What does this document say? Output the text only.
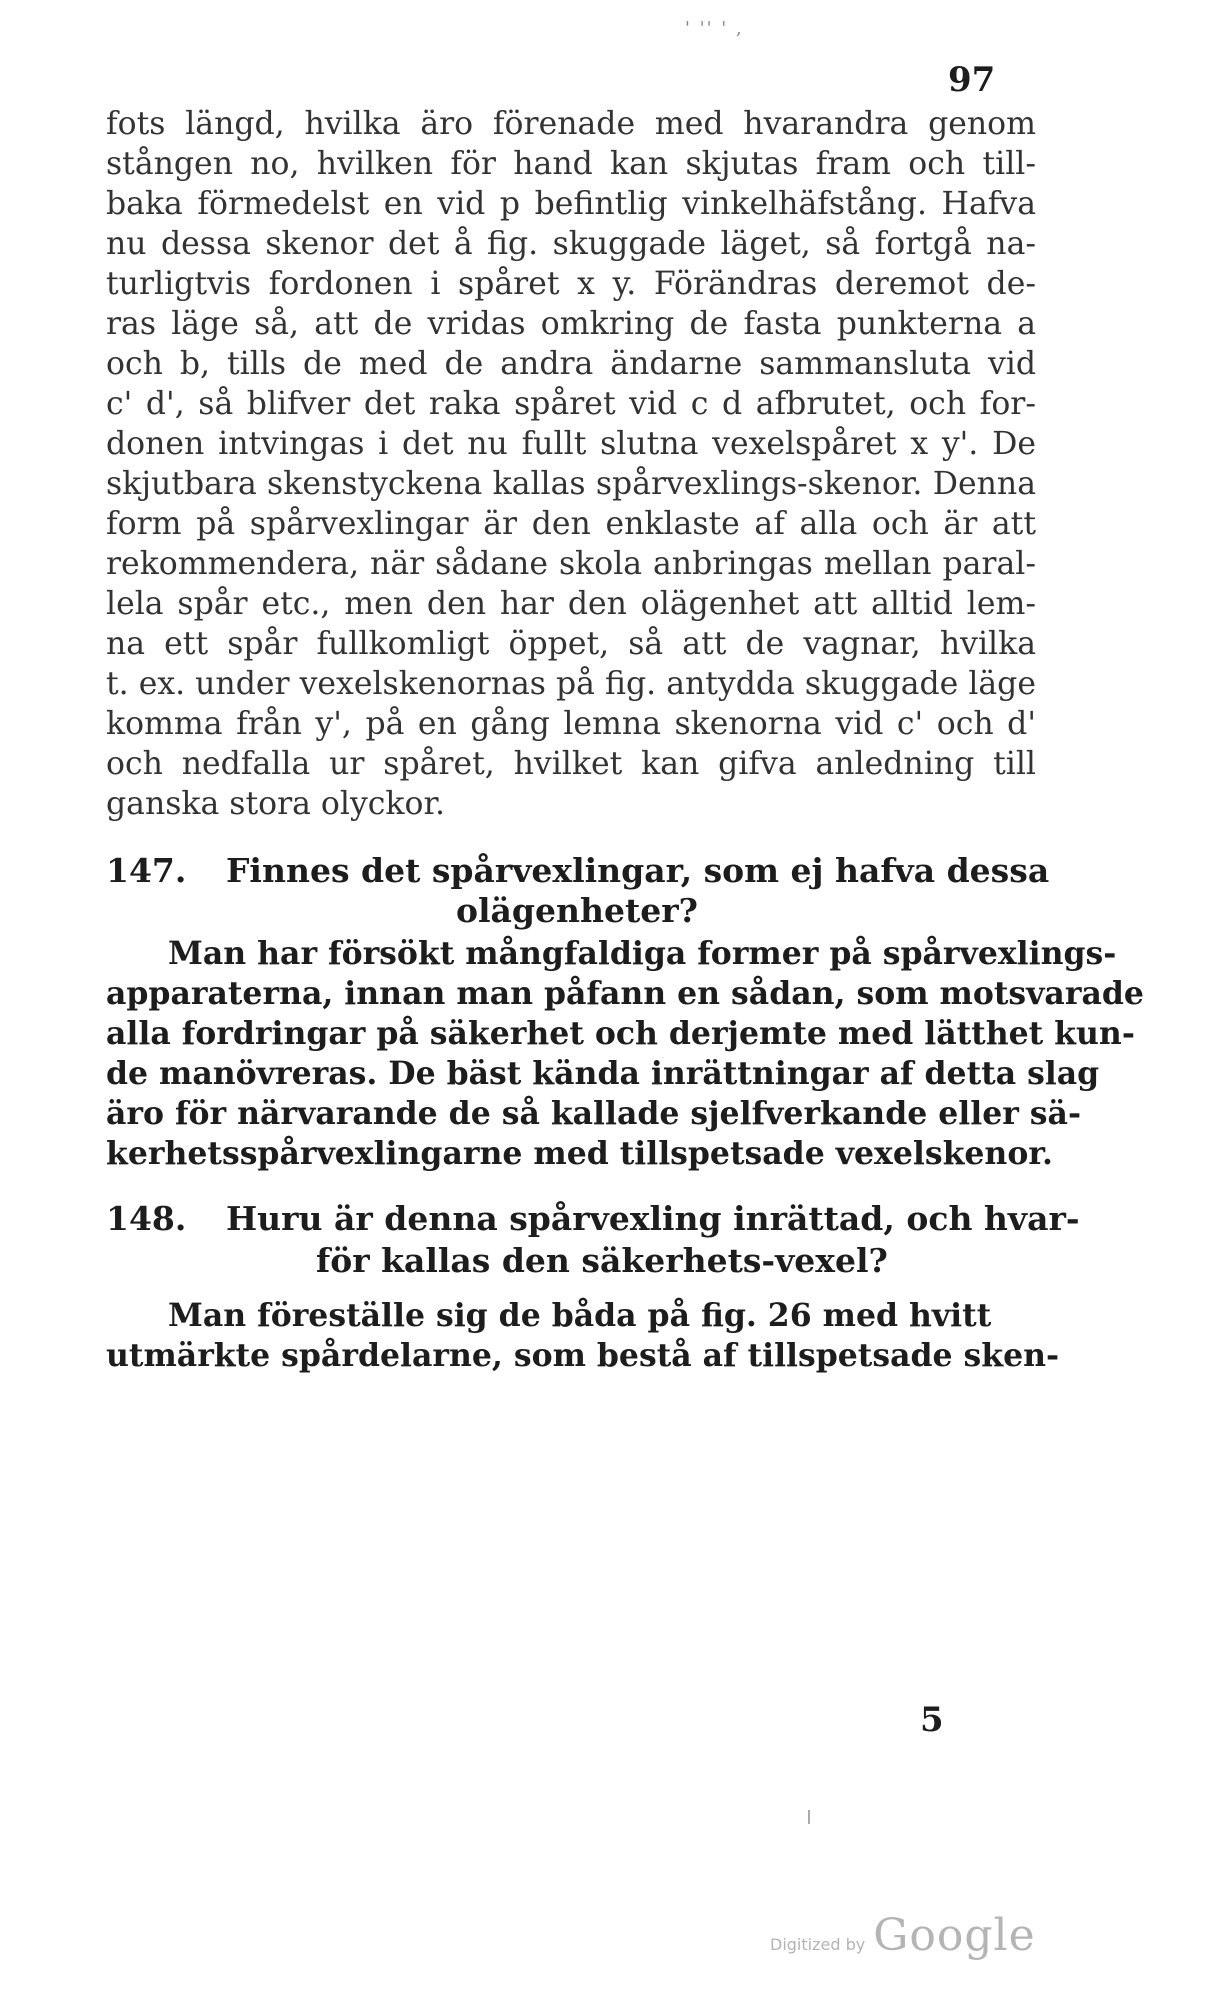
' '' ' ,
97
fots längd, hvilka äro förenade med hvarandra genom
stången no, hvilken för hand kan skjutas fram och till-
baka förmedelst en vid p befintlig vinkelhäfstång. Hafva
nu dessa skenor det å fig. skuggade läget, så fortgå na-
turligtvis fordonen i spåret x y. Förändras deremot de-
ras läge så, att de vridas omkring de fasta punkterna a
och b, tills de med de andra ändarne sammansluta vid
c' d', så blifver det raka spåret vid c d afbrutet, och for-
donen intvingas i det nu fullt slutna vexelspåret x y'. De
skjutbara skenstyckena kallas spårvexlings-skenor. Denna
form på spårvexlingar är den enklaste af alla och är att
rekommendera, när sådane skola anbringas mellan paral-
lela spår etc., men den har den olägenhet att alltid lem-
na ett spår fullkomligt öppet, så att de vagnar, hvilka
t. ex. under vexelskenornas på fig. antydda skuggade läge
komma från y', på en gång lemna skenorna vid c' och d'
och nedfalla ur spåret, hvilket kan gifva anledning till
ganska stora olyckor.
147. Finnes det spårvexlingar, som ej hafva dessa
olägenheter?
Man har försökt mångfaldiga former på spårvexlings-
apparaterna, innan man påfann en sådan, som motsvarade
alla fordringar på säkerhet och derjemte med lätthet kun-
de manövreras. De bäst kända inrättningar af detta slag
äro för närvarande de så kallade sjelfverkande eller sä-
kerhetsspårvexlingarne med tillspetsade vexelskenor.
148. Huru är denna spårvexling inrättad, och hvar-
för kallas den säkerhets-vexel?
Man föreställe sig de båda på fig. 26 med hvitt
utmärkte spårdelarne, som bestå af tillspetsade sken-
5
Digitized by Google
